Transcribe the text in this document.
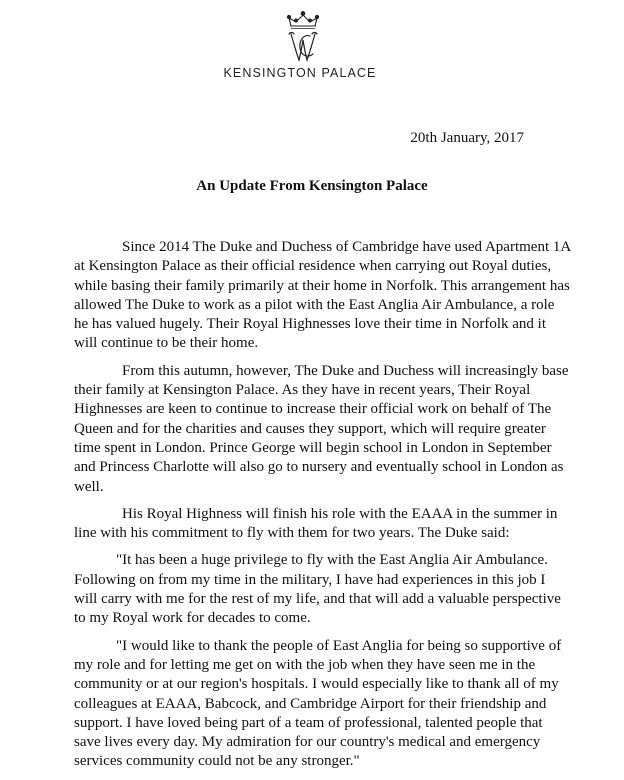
KENSINGTON PALACE
20th January, 2017
An Update From Kensington Palace

Since 2014 The Duke and Duchess of Cambridge have used Apartment 1A at Kensington Palace as their official residence when carrying out Royal duties, while basing their family primarily at their home in Norfolk. This arrangement has allowed The Duke to work as a pilot with the East Anglia Air Ambulance, a role he has valued hugely. Their Royal Highnesses love their time in Norfolk and it will continue to be their home.

From this autumn, however, The Duke and Duchess will increasingly base their family at Kensington Palace. As they have in recent years, Their Royal Highnesses are keen to continue to increase their official work on behalf of The Queen and for the charities and causes they support, which will require greater time spent in London. Prince George will begin school in London in September and Princess Charlotte will also go to nursery and eventually school in London as well.

His Royal Highness will finish his role with the EAAA in the summer in line with his commitment to fly with them for two years. The Duke said:

"It has been a huge privilege to fly with the East Anglia Air Ambulance. Following on from my time in the military, I have had experiences in this job I will carry with me for the rest of my life, and that will add a valuable perspective to my Royal work for decades to come.

"I would like to thank the people of East Anglia for being so supportive of my role and for letting me get on with the job when they have seen me in the community or at our region's hospitals. I would especially like to thank all of my colleagues at EAAA, Babcock, and Cambridge Airport for their friendship and support. I have loved being part of a team of professional, talented people that save lives every day. My admiration for our country's medical and emergency services community could not be any stronger."
